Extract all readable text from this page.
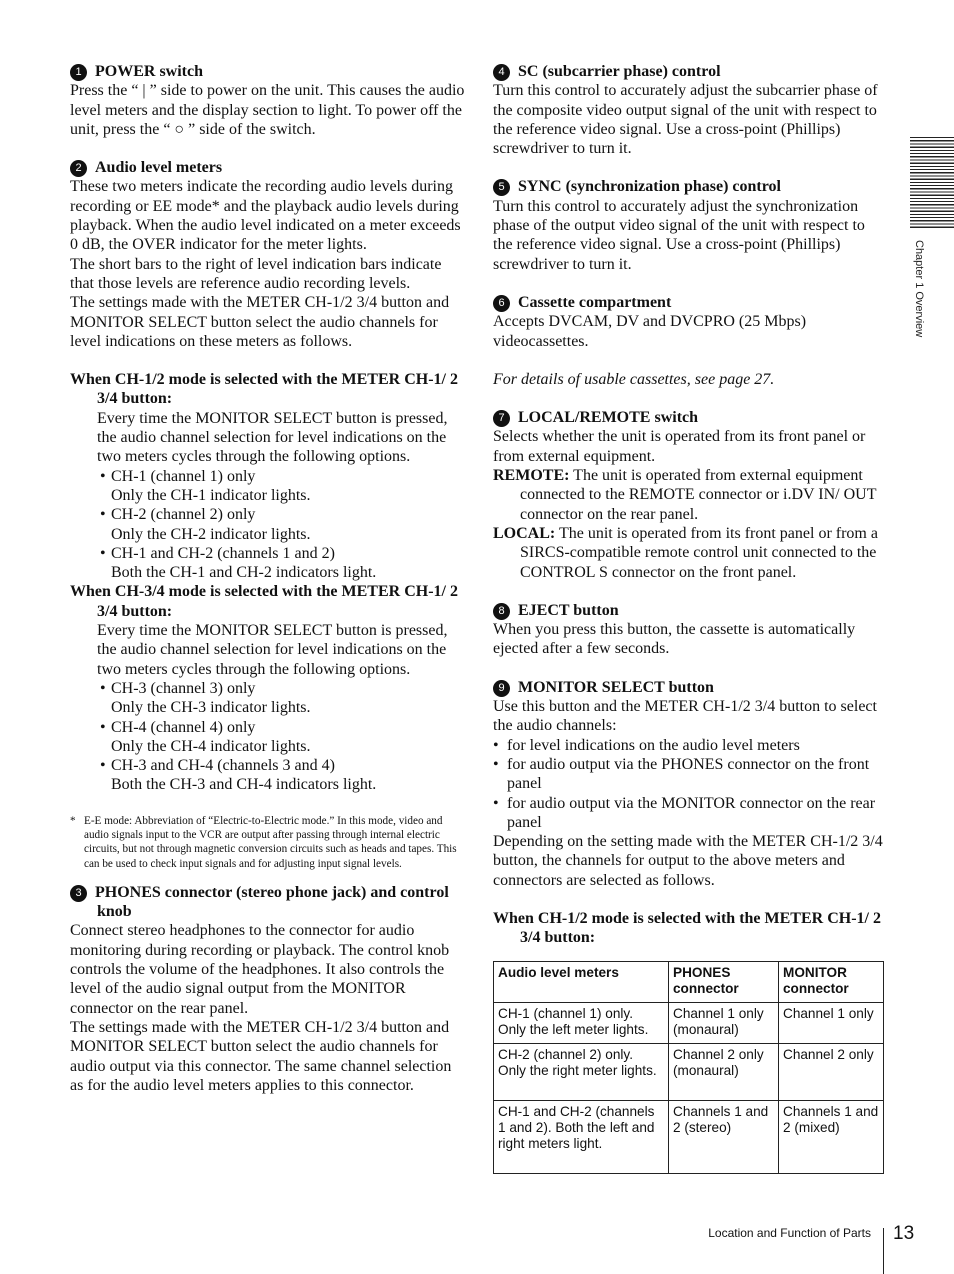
Chapter 1 Overview

1 POWER switch

Press the “ | ” side to power on the unit. This causes the audio level meters and the display section to light. To power off the unit, press the “ ○ ” side of the switch.

2 Audio level meters

These two meters indicate the recording audio levels during recording or EE mode* and the playback audio levels during playback. When the audio level indicated on a meter exceeds 0 dB, the OVER indicator for the meter lights.

The short bars to the right of level indication bars indicate that those levels are reference audio recording levels.

The settings made with the METER CH-1/2 3/4 button and MONITOR SELECT button select the audio channels for level indications on these meters as follows.

When CH-1/2 mode is selected with the METER CH-1/ 2 3/4 button:

Every time the MONITOR SELECT button is pressed, the audio channel selection for level indications on the two meters cycles through the following options.

• CH-1 (channel 1) only
Only the CH-1 indicator lights.
• CH-2 (channel 2) only
Only the CH-2 indicator lights.
• CH-1 and CH-2 (channels 1 and 2)
Both the CH-1 and CH-2 indicators light.

When CH-3/4 mode is selected with the METER CH-1/ 2 3/4 button:

Every time the MONITOR SELECT button is pressed, the audio channel selection for level indications on the two meters cycles through the following options.

• CH-3 (channel 3) only
Only the CH-3 indicator lights.
• CH-4 (channel 4) only
Only the CH-4 indicator lights.
• CH-3 and CH-4 (channels 3 and 4)
Both the CH-3 and CH-4 indicators light.
* E-E mode: Abbreviation of “Electric-to-Electric mode.” In this mode, video and audio signals input to the VCR are output after passing through internal electric circuits, but not through magnetic conversion circuits such as heads and tapes. This can be used to check input signals and for adjusting input signal levels.

3 PHONES connector (stereo phone jack) and control knob

Connect stereo headphones to the connector for audio monitoring during recording or playback. The control knob controls the volume of the headphones. It also controls the level of the audio signal output from the MONITOR connector on the rear panel.

The settings made with the METER CH-1/2 3/4 button and MONITOR SELECT button select the audio channels for audio output via this connector. The same channel selection as for the audio level meters applies to this connector.

4 SC (subcarrier phase) control

Turn this control to accurately adjust the subcarrier phase of the composite video output signal of the unit with respect to the reference video signal. Use a cross-point (Phillips) screwdriver to turn it.

5 SYNC (synchronization phase) control

Turn this control to accurately adjust the synchronization phase of the output video signal of the unit with respect to the reference video signal. Use a cross-point (Phillips) screwdriver to turn it.

6 Cassette compartment

Accepts DVCAM, DV and DVCPRO (25 Mbps) videocassettes.

For details of usable cassettes, see page 27.

7 LOCAL/REMOTE switch

Selects whether the unit is operated from its front panel or from external equipment.

REMOTE: The unit is operated from external equipment connected to the REMOTE connector or i.DV IN/ OUT connector on the rear panel.

LOCAL: The unit is operated from its front panel or from a SIRCS-compatible remote control unit connected to the CONTROL S connector on the front panel.

8 EJECT button

When you press this button, the cassette is automatically ejected after a few seconds.

9 MONITOR SELECT button

Use this button and the METER CH-1/2 3/4 button to select the audio channels:

• for level indications on the audio level meters
• for audio output via the PHONES connector on the front panel
• for audio output via the MONITOR connector on the rear panel

Depending on the setting made with the METER CH-1/2 3/4 button, the channels for output to the above meters and connectors are selected as follows.

When CH-1/2 mode is selected with the METER CH-1/ 2 3/4 button:

Audio level meters	PHONES connector	MONITOR connector
CH-1 (channel 1) only. Only the left meter lights.	Channel 1 only (monaural)	Channel 1 only
CH-2 (channel 2) only. Only the right meter lights.	Channel 2 only (monaural)	Channel 2 only
CH-1 and CH-2 (channels 1 and 2). Both the left and right meters light.	Channels 1 and 2 (stereo)	Channels 1 and 2 (mixed)
Location and Function of Parts 13
